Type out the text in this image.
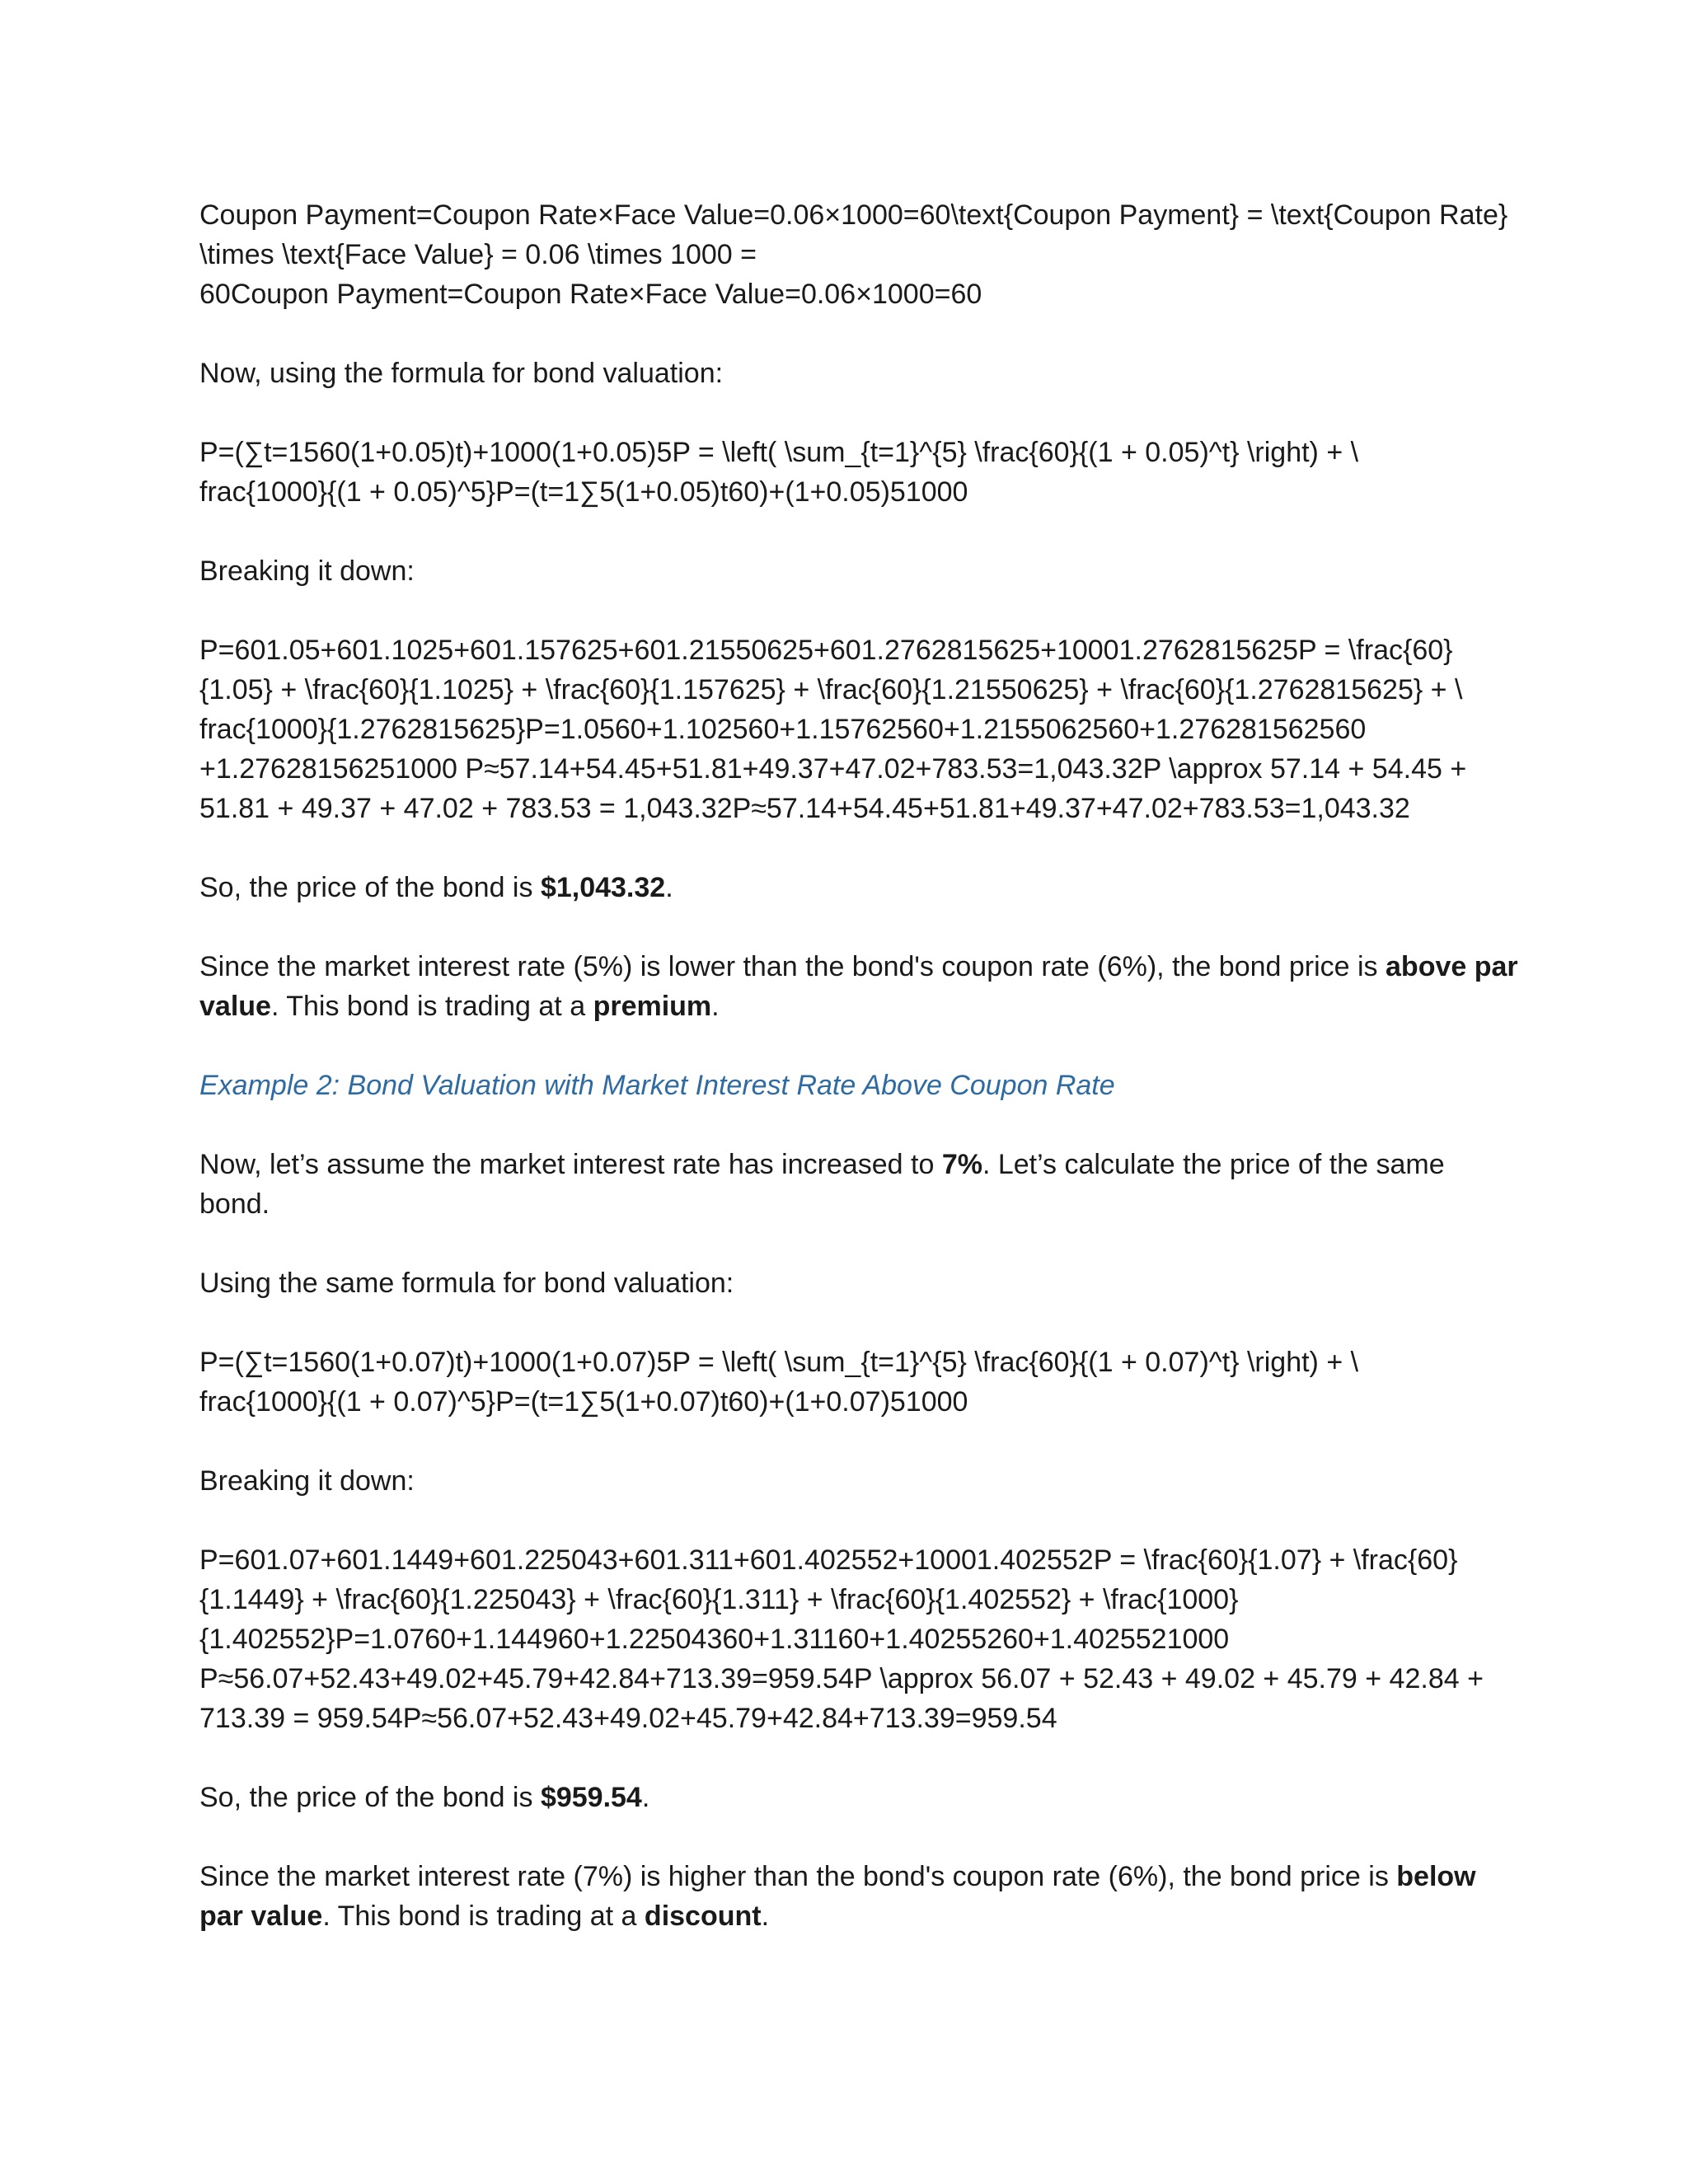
Coupon Payment=Coupon Rate×Face Value=0.06×1000=60\text{Coupon Payment} = \text{Coupon Rate}
\times \text{Face Value} = 0.06 \times 1000 =
60Coupon Payment=Coupon Rate×Face Value=0.06×1000=60

Now, using the formula for bond valuation:

P=(∑t=1560(1+0.05)t)+1000(1+0.05)5P = \left( \sum_{t=1}^{5} \frac{60}{(1 + 0.05)^t} \right) + \
frac{1000}{(1 + 0.05)^5}P=(t=1∑5(1+0.05)t60)+(1+0.05)51000

Breaking it down:

P=601.05+601.1025+601.157625+601.21550625+601.2762815625+10001.2762815625P = \frac{60}
{1.05} + \frac{60}{1.1025} + \frac{60}{1.157625} + \frac{60}{1.21550625} + \frac{60}{1.2762815625} + \
frac{1000}{1.2762815625}P=1.0560+1.102560+1.15762560+1.2155062560+1.276281562560
+1.27628156251000 P≈57.14+54.45+51.81+49.37+47.02+783.53=1,043.32P \approx 57.14 + 54.45 +
51.81 + 49.37 + 47.02 + 783.53 = 1,043.32P≈57.14+54.45+51.81+49.37+47.02+783.53=1,043.32

So, the price of the bond is $1,043.32.

Since the market interest rate (5%) is lower than the bond's coupon rate (6%), the bond price is above par value. This bond is trading at a premium.

Example 2: Bond Valuation with Market Interest Rate Above Coupon Rate

Now, let’s assume the market interest rate has increased to 7%. Let’s calculate the price of the same bond.

Using the same formula for bond valuation:

P=(∑t=1560(1+0.07)t)+1000(1+0.07)5P = \left( \sum_{t=1}^{5} \frac{60}{(1 + 0.07)^t} \right) + \
frac{1000}{(1 + 0.07)^5}P=(t=1∑5(1+0.07)t60)+(1+0.07)51000

Breaking it down:

P=601.07+601.1449+601.225043+601.311+601.402552+10001.402552P = \frac{60}{1.07} + \frac{60}
{1.1449} + \frac{60}{1.225043} + \frac{60}{1.311} + \frac{60}{1.402552} + \frac{1000}
{1.402552}P=1.0760+1.144960+1.22504360+1.31160+1.40255260+1.4025521000
P≈56.07+52.43+49.02+45.79+42.84+713.39=959.54P \approx 56.07 + 52.43 + 49.02 + 45.79 + 42.84 +
713.39 = 959.54P≈56.07+52.43+49.02+45.79+42.84+713.39=959.54

So, the price of the bond is $959.54.

Since the market interest rate (7%) is higher than the bond's coupon rate (6%), the bond price is below par value. This bond is trading at a discount.
